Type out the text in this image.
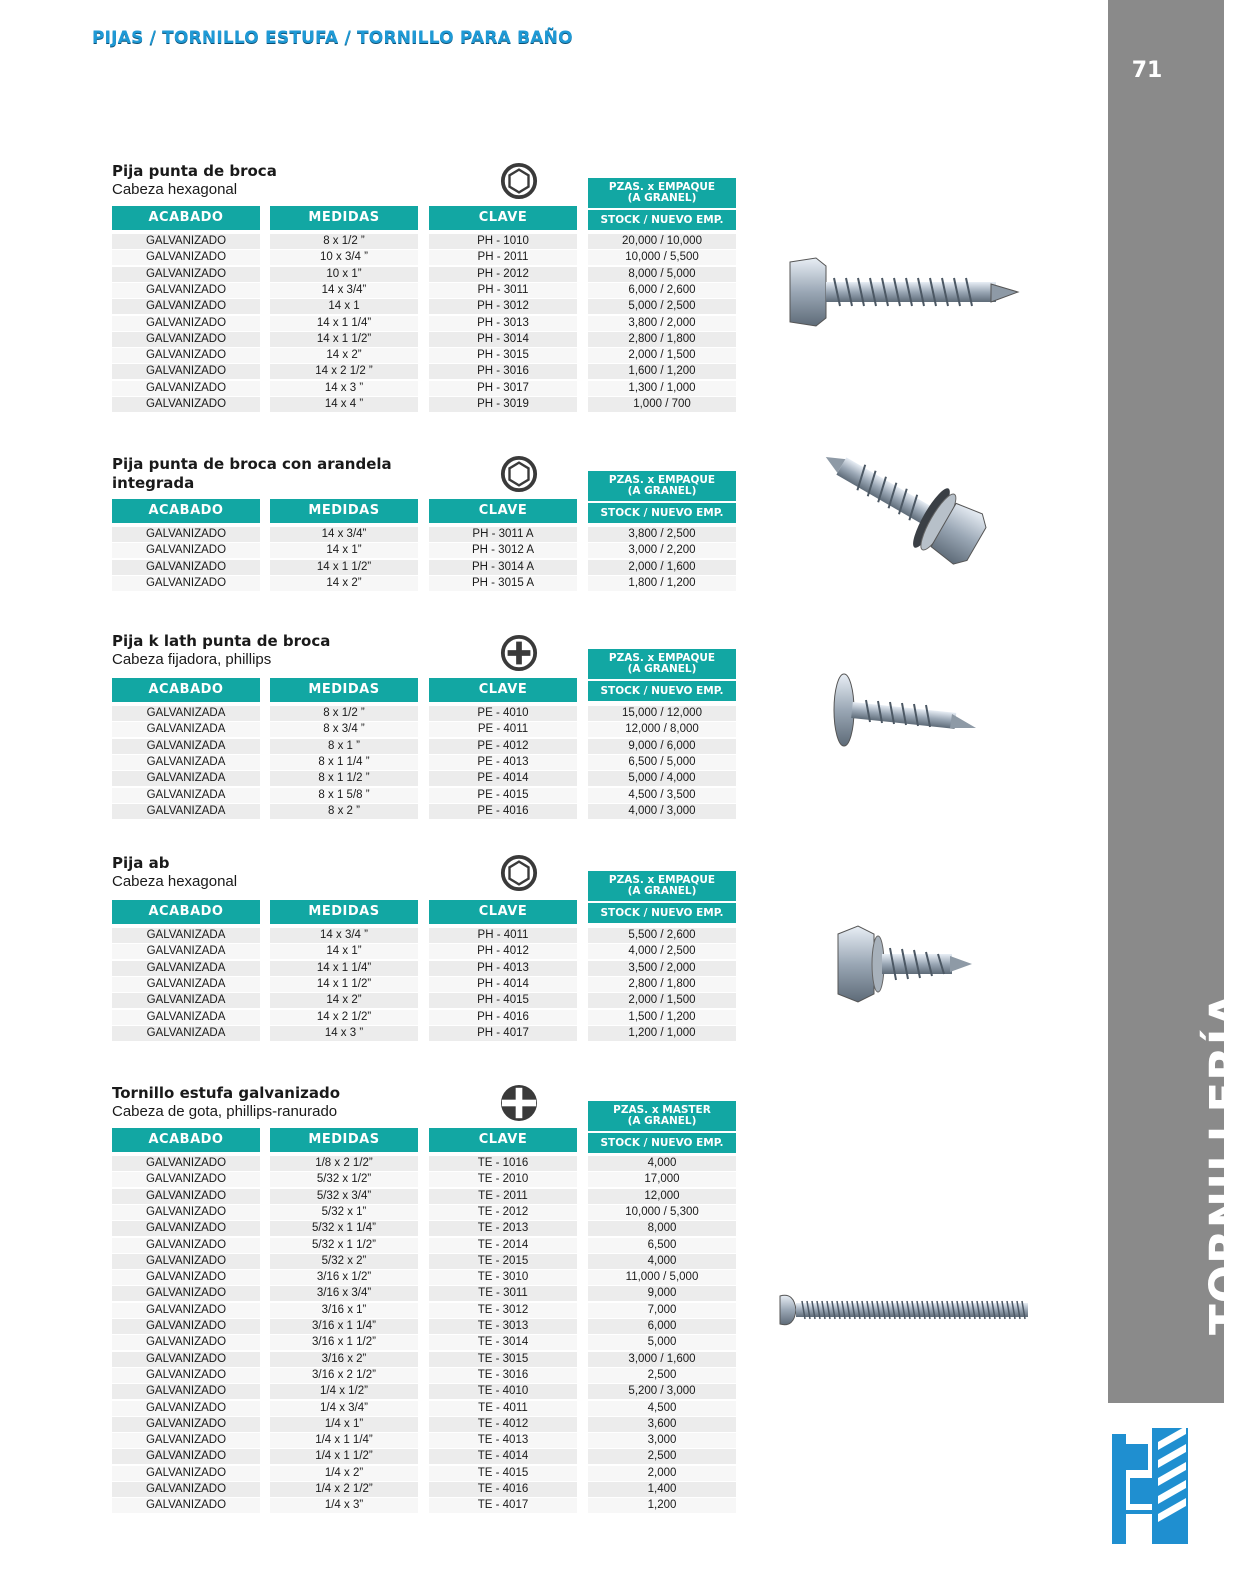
PIJAS / TORNILLO ESTUFA / TORNILLO PARA BAÑO
71
TORNILLERÍA
Pija punta de broca
Cabeza hexagonal	PZAS. x EMPAQUE
(A GRANEL)
STOCK / NUEVO EMP.
ACABADO	MEDIDAS	CLAVE
GALVANIZADO	8 x 1/2 ”	PH - 1010	20,000 / 10,000
GALVANIZADO	10 x 3/4 ”	PH - 2011	10,000 / 5,500
GALVANIZADO	10 x 1”	PH - 2012	8,000 / 5,000
GALVANIZADO	14 x 3/4”	PH - 3011	6,000 / 2,600
GALVANIZADO	14 x 1	PH - 3012	5,000 / 2,500
GALVANIZADO	14 x 1 1/4”	PH - 3013	3,800 / 2,000
GALVANIZADO	14 x 1 1/2”	PH - 3014	2,800 / 1,800
GALVANIZADO	14 x 2”	PH - 3015	2,000 / 1,500
GALVANIZADO	14 x 2 1/2 ”	PH - 3016	1,600 / 1,200
GALVANIZADO	14 x 3 ”	PH - 3017	1,300 / 1,000
GALVANIZADO	14 x 4 ”	PH - 3019	1,000 / 700
Pija punta de broca con arandela
integrada	PZAS. x EMPAQUE
(A GRANEL)
STOCK / NUEVO EMP.
ACABADO	MEDIDAS	CLAVE
GALVANIZADO	14 x 3/4”	PH - 3011 A	3,800 / 2,500
GALVANIZADO	14 x 1”	PH - 3012 A	3,000 / 2,200
GALVANIZADO	14 x 1 1/2”	PH - 3014 A	2,000 / 1,600
GALVANIZADO	14 x 2”	PH - 3015 A	1,800 / 1,200
Pija k lath punta de broca
Cabeza fijadora, phillips	PZAS. x EMPAQUE
(A GRANEL)
STOCK / NUEVO EMP.
ACABADO	MEDIDAS	CLAVE
GALVANIZADA	8 x 1/2 ”	PE - 4010	15,000 / 12,000
GALVANIZADA	8 x 3/4 ”	PE - 4011	12,000 / 8,000
GALVANIZADA	8 x 1 ”	PE - 4012	9,000 / 6,000
GALVANIZADA	8 x 1 1/4 ”	PE - 4013	6,500 / 5,000
GALVANIZADA	8 x 1 1/2 ”	PE - 4014	5,000 / 4,000
GALVANIZADA	8 x 1 5/8 ”	PE - 4015	4,500 / 3,500
GALVANIZADA	8 x 2 ”	PE - 4016	4,000 / 3,000
Pija ab
Cabeza hexagonal	PZAS. x EMPAQUE
(A GRANEL)
STOCK / NUEVO EMP.
ACABADO	MEDIDAS	CLAVE
GALVANIZADA	14 x 3/4 ”	PH - 4011	5,500 / 2,600
GALVANIZADA	14 x 1”	PH - 4012	4,000 / 2,500
GALVANIZADA	14 x 1 1/4”	PH - 4013	3,500 / 2,000
GALVANIZADA	14 x 1 1/2”	PH - 4014	2,800 / 1,800
GALVANIZADA	14 x 2”	PH - 4015	2,000 / 1,500
GALVANIZADA	14 x 2 1/2”	PH - 4016	1,500 / 1,200
GALVANIZADA	14 x 3 ”	PH - 4017	1,200 / 1,000
Tornillo estufa galvanizado
Cabeza de gota, phillips-ranurado	PZAS. x MASTER
(A GRANEL)
STOCK / NUEVO EMP.
ACABADO	MEDIDAS	CLAVE
GALVANIZADO	1/8 x 2 1/2”	TE - 1016	4,000
GALVANIZADO	5/32 x 1/2”	TE - 2010	17,000
GALVANIZADO	5/32 x 3/4”	TE - 2011	12,000
GALVANIZADO	5/32 x 1”	TE - 2012	10,000 / 5,300
GALVANIZADO	5/32 x 1 1/4”	TE - 2013	8,000
GALVANIZADO	5/32 x 1 1/2”	TE - 2014	6,500
GALVANIZADO	5/32 x 2”	TE - 2015	4,000
GALVANIZADO	3/16 x 1/2”	TE - 3010	11,000 / 5,000
GALVANIZADO	3/16 x 3/4”	TE - 3011	9,000
GALVANIZADO	3/16 x 1”	TE - 3012	7,000
GALVANIZADO	3/16 x 1 1/4”	TE - 3013	6,000
GALVANIZADO	3/16 x 1 1/2”	TE - 3014	5,000
GALVANIZADO	3/16 x 2”	TE - 3015	3,000 / 1,600
GALVANIZADO	3/16 x 2 1/2”	TE - 3016	2,500
GALVANIZADO	1/4 x 1/2”	TE - 4010	5,200 / 3,000
GALVANIZADO	1/4 x 3/4”	TE - 4011	4,500
GALVANIZADO	1/4 x 1”	TE - 4012	3,600
GALVANIZADO	1/4 x 1 1/4”	TE - 4013	3,000
GALVANIZADO	1/4 x 1 1/2”	TE - 4014	2,500
GALVANIZADO	1/4 x 2”	TE - 4015	2,000
GALVANIZADO	1/4 x 2 1/2”	TE - 4016	1,400
GALVANIZADO	1/4 x 3”	TE - 4017	1,200
